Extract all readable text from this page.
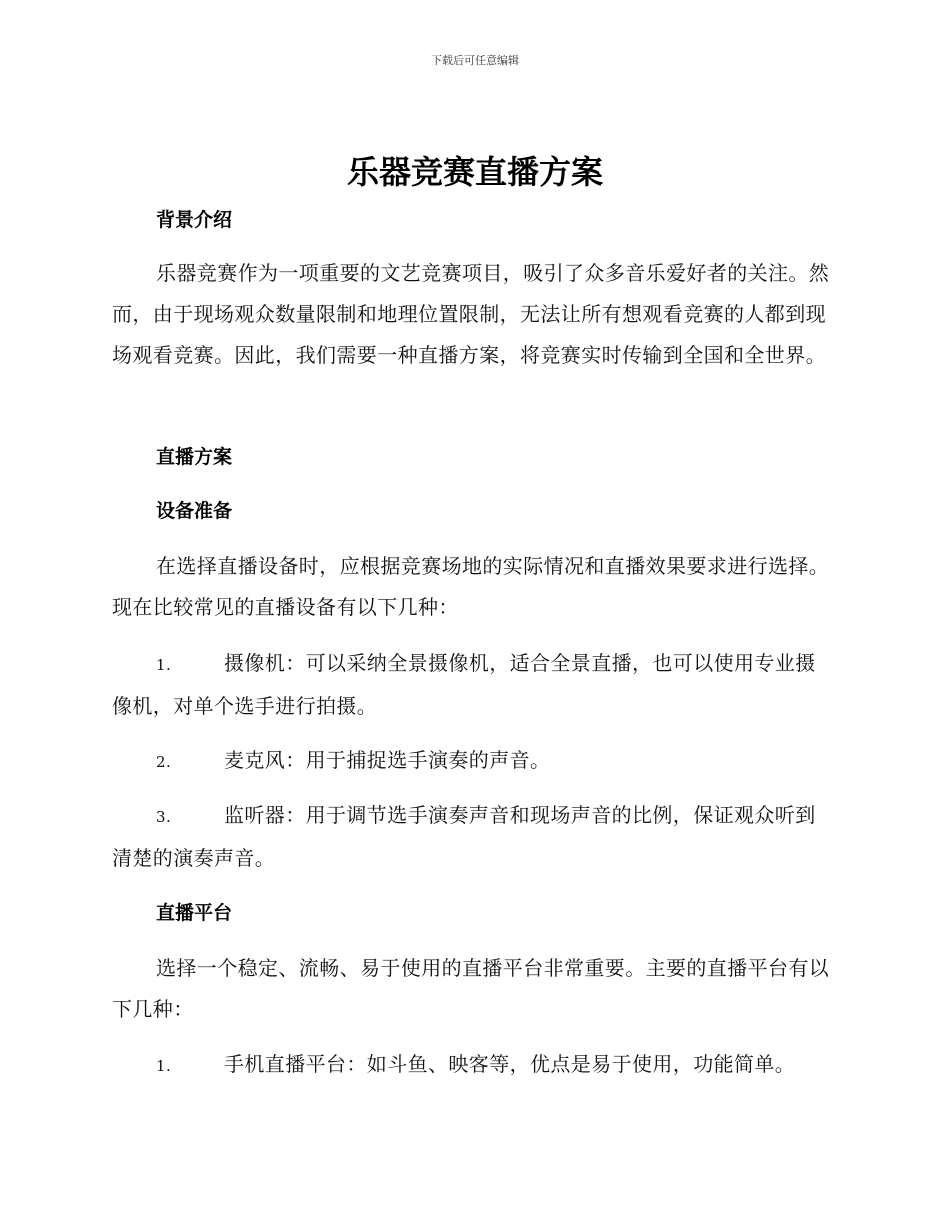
下载后可任意编辑
乐器竞赛直播方案
背景介绍

乐器竞赛作为一项重要的文艺竞赛项目，吸引了众多音乐爱好者的关注。然而，由于现场观众数量限制和地理位置限制，无法让所有想观看竞赛的人都到现场观看竞赛。因此，我们需要一种直播方案，将竞赛实时传输到全国和全世界。

直播方案
设备准备

在选择直播设备时，应根据竞赛场地的实际情况和直播效果要求进行选择。现在比较常见的直播设备有以下几种：

1.	摄像机：可以采纳全景摄像机，适合全景直播，也可以使用专业摄像机，对单个选手进行拍摄。

2.	麦克风：用于捕捉选手演奏的声音。

3.	监听器：用于调节选手演奏声音和现场声音的比例，保证观众听到清楚的演奏声音。

直播平台

选择一个稳定、流畅、易于使用的直播平台非常重要。主要的直播平台有以下几种：

1.	手机直播平台：如斗鱼、映客等，优点是易于使用，功能简单。
